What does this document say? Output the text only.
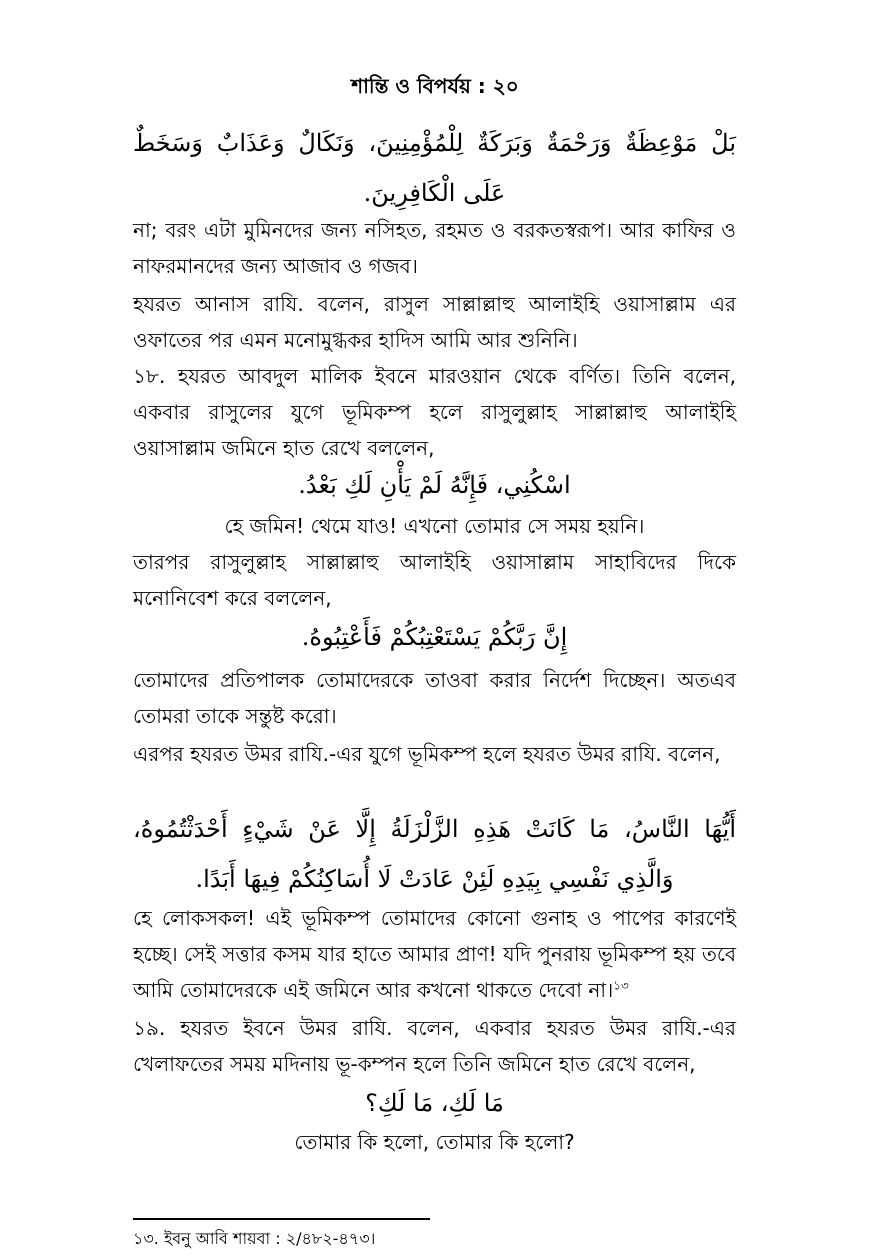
শান্তি ও বিপর্যয় : ২০
بَلْ مَوْعِظَةٌ وَرَحْمَةٌ وَبَرَكَةٌ لِلْمُؤْمِنِينَ، وَنَكَالٌ وَعَذَابٌ وَسَخَطٌ عَلَى الْكَافِرِينَ.
না; বরং এটা মুমিনদের জন্য নসিহত, রহমত ও বরকতস্বরূপ। আর কাফির ও নাফরমানদের জন্য আজাব ও গজব।
হযরত আনাস রাযি. বলেন, রাসুল সাল্লাল্লাহু আলাইহি ওয়াসাল্লাম এর ওফাতের পর এমন মনোমুগ্ধকর হাদিস আমি আর শুনিনি।
১৮. হযরত আবদুল মালিক ইবনে মারওয়ান থেকে বর্ণিত। তিনি বলেন, একবার রাসুলের যুগে ভূমিকম্প হলে রাসুলুল্লাহ সাল্লাল্লাহু আলাইহি ওয়াসাল্লাম জমিনে হাত রেখে বললেন,
اسْكُنِي، فَإِنَّهُ لَمْ يَأْنِ لَكِ بَعْدُ.
হে জমিন! থেমে যাও! এখনো তোমার সে সময় হয়নি।
তারপর রাসুলুল্লাহ সাল্লাল্লাহু আলাইহি ওয়াসাল্লাম সাহাবিদের দিকে মনোনিবেশ করে বললেন,
إِنَّ رَبَّكُمْ يَسْتَعْتِبُكُمْ فَأَعْتِبُوهُ.
তোমাদের প্রতিপালক তোমাদেরকে তাওবা করার নির্দেশ দিচ্ছেন। অতএব তোমরা তাকে সন্তুষ্ট করো।
এরপর হযরত উমর রাযি.-এর যুগে ভূমিকম্প হলে হযরত উমর রাযি. বলেন,
أَيُّهَا النَّاسُ، مَا كَانَتْ هَذِهِ الزَّلْزَلَةُ إِلَّا عَنْ شَيْءٍ أَحْدَثْتُمُوهُ، وَالَّذِي نَفْسِي بِيَدِهِ لَئِنْ عَادَتْ لَا أُسَاكِنُكُمْ فِيهَا أَبَدًا.
হে লোকসকল! এই ভূমিকম্প তোমাদের কোনো গুনাহ ও পাপের কারণেই হচ্ছে। সেই সত্তার কসম যার হাতে আমার প্রাণ! যদি পুনরায় ভূমিকম্প হয় তবে আমি তোমাদেরকে এই জমিনে আর কখনো থাকতে দেবো না।$^{১৩}$
১৯. হযরত ইবনে উমর রাযি. বলেন, একবার হযরত উমর রাযি.-এর খেলাফতের সময় মদিনায় ভূ-কম্পন হলে তিনি জমিনে হাত রেখে বলেন,
مَا لَكِ، مَا لَكِ؟
তোমার কি হলো, তোমার কি হলো?
১৩. ইবনু আবি শায়বা : ২/৪৮২-৪৭৩।
